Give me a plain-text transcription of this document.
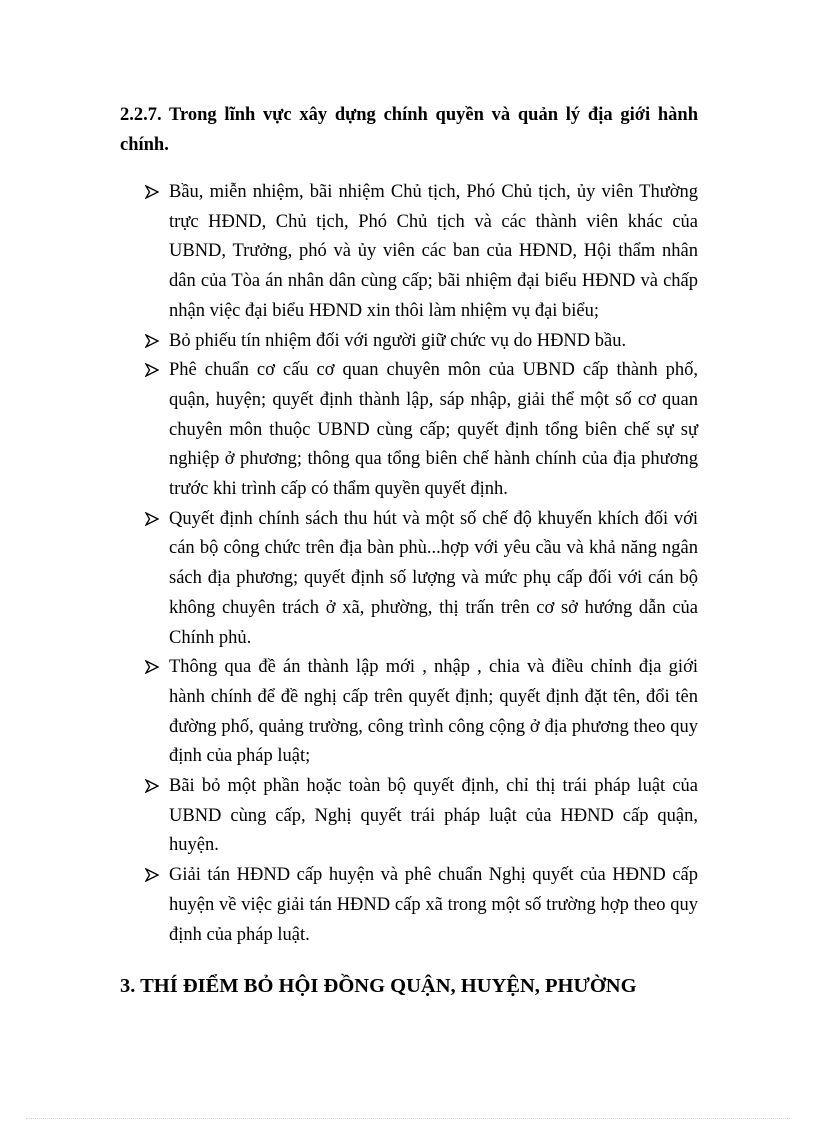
2.2.7. Trong lĩnh vực xây dựng chính quyền và quản lý địa giới hành chính.
Bầu, miễn nhiệm, bãi nhiệm Chủ tịch, Phó Chủ tịch, ủy viên Thường trực HĐND, Chủ tịch, Phó Chủ tịch và các thành viên khác của UBND, Trưởng, phó và ủy viên các ban của HĐND, Hội thẩm nhân dân của Tòa án nhân dân cùng cấp; bãi nhiệm đại biểu HĐND và chấp nhận việc đại biểu HĐND xin thôi làm nhiệm vụ đại biểu;
Bỏ phiếu tín nhiệm đối với người giữ chức vụ do HĐND bầu.
Phê chuẩn cơ cấu cơ quan chuyên môn của UBND cấp thành phố, quận, huyện; quyết định thành lập, sáp nhập, giải thể một số cơ quan chuyên môn thuộc UBND cùng cấp; quyết định tổng biên chế sự sự nghiệp ở phương; thông qua tổng biên chế hành chính của địa phương trước khi trình cấp có thẩm quyền quyết định.
Quyết định chính sách thu hút và một số chế độ khuyến khích đối với cán bộ công chức trên địa bàn phù...hợp với yêu cầu và khả năng ngân sách địa phương; quyết định số lượng và mức phụ cấp đối với cán bộ không chuyên trách ở xã, phường, thị trấn trên cơ sở hướng dẫn của Chính phủ.
Thông qua đề án thành lập mới , nhập , chia và điều chỉnh địa giới hành chính để đề nghị cấp trên quyết định; quyết định đặt tên, đổi tên đường phố, quảng trường, công trình công cộng ở địa phương theo quy định của pháp luật;
Bãi bỏ một phần hoặc toàn bộ quyết định, chỉ thị trái pháp luật của UBND cùng cấp, Nghị quyết trái pháp luật của HĐND cấp quận, huyện.
Giải tán HĐND cấp huyện và phê chuẩn Nghị quyết của HĐND cấp huyện về việc giải tán HĐND cấp xã trong một số trường hợp theo quy định của pháp luật.
3. THÍ ĐIỂM BỎ HỘI ĐỒNG QUẬN, HUYỆN, PHƯỜNG
